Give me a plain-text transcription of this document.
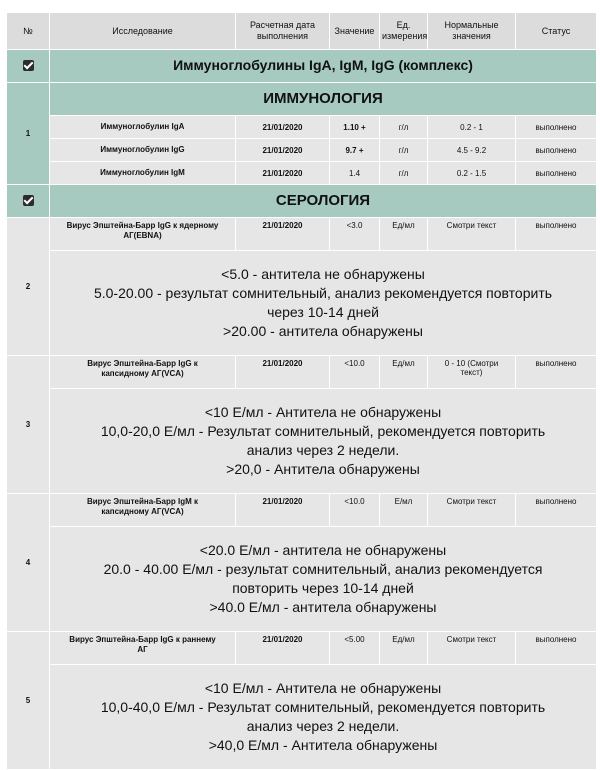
№	Исследование	Расчетная дата
выполнения	Значение	Ед.
измерения	Нормальные
значения	Статус
	Иммуноглобулины IgA, IgM, IgG (комплекс)					
1	ИММУНОЛОГИЯ					
	Иммуноглобулин IgA	21/01/2020	1.10 +	г/л	0.2 - 1	выполнено
	Иммуноглобулин IgG	21/01/2020	9.7 +	г/л	4.5 - 9.2	выполнено
	Иммуноглобулин IgM	21/01/2020	1.4	г/л	0.2 - 1.5	выполнено
	СЕРОЛОГИЯ					
2	Вирус Эпштейна-Барр IgG к ядерному
АГ(EBNA)	21/01/2020	<3.0	Ед/мл	Смотри текст	выполнено

	<5.0 - антитела не обнаружены
5.0-20.00 - результат сомнительный, анализ рекомендуется повторить
через 10-14 дней
>20.00 - антитела обнаружены					

3	Вирус Эпштейна-Барр IgG к
капсидному АГ(VCA)	21/01/2020	<10.0	Ед/мл	0 - 10 (Смотри
текст)	выполнено

	<10 Е/мл - Антитела не обнаружены
10,0-20,0 Е/мл - Результат сомнительный, рекомендуется повторить
анализ через 2 недели.
>20,0 - Антитела обнаружены					

4	Вирус Эпштейна-Барр IgM к
капсидному АГ(VCA)	21/01/2020	<10.0	Е/мл	Смотри текст	выполнено

	<20.0 Е/мл - антитела не обнаружены
20.0 - 40.00 Е/мл - результат сомнительный, анализ рекомендуется
повторить через 10-14 дней
>40.0 Е/мл - антитела обнаружены					

5	Вирус Эпштейна-Барр IgG к раннему
АГ	21/01/2020	<5.00	Ед/мл	Смотри текст	выполнено

	<10 Е/мл - Антитела не обнаружены
10,0-40,0 Е/мл - Результат сомнительный, рекомендуется повторить
анализ через 2 недели.
>40,0 Е/мл - Антитела обнаружены					
